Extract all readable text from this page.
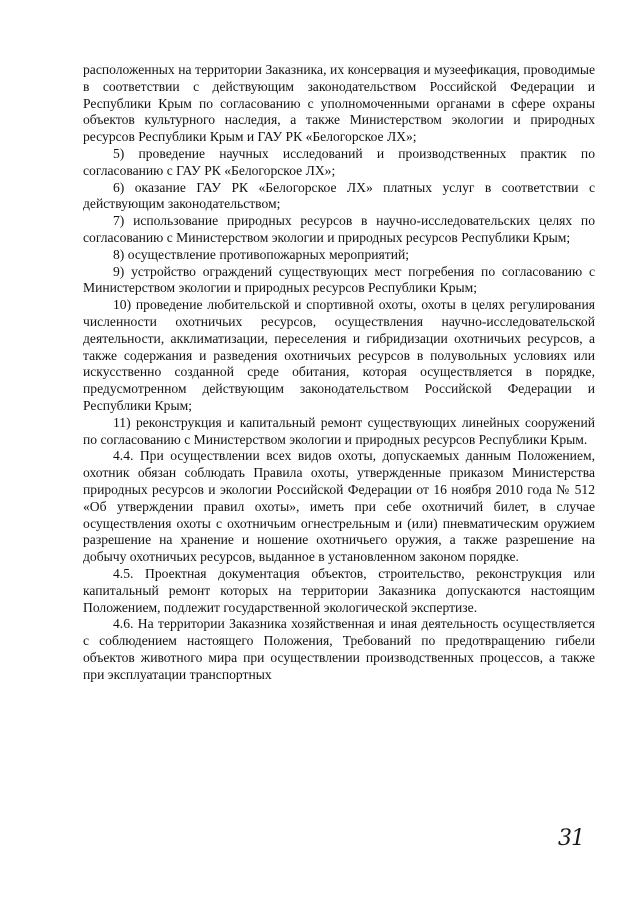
расположенных на территории Заказника, их консервация и музеефикация, проводимые в соответствии с действующим законодательством Российской Федерации и Республики Крым по согласованию с уполномоченными органами в сфере охраны объектов культурного наследия, а также Министерством экологии и природных ресурсов Республики Крым и ГАУ РК «Белогорское ЛХ»;

5) проведение научных исследований и производственных практик по согласованию с ГАУ РК «Белогорское ЛХ»;

6) оказание ГАУ РК «Белогорское ЛХ» платных услуг в соответствии с действующим законодательством;

7) использование природных ресурсов в научно-исследовательских целях по согласованию с Министерством экологии и природных ресурсов Республики Крым;

8) осуществление противопожарных мероприятий;

9) устройство ограждений существующих мест погребения по согласованию с Министерством экологии и природных ресурсов Республики Крым;

10) проведение любительской и спортивной охоты, охоты в целях регулирования численности охотничьих ресурсов, осуществления научно-исследовательской деятельности, акклиматизации, переселения и гибридизации охотничьих ресурсов, а также содержания и разведения охотничьих ресурсов в полувольных условиях или искусственно созданной среде обитания, которая осуществляется в порядке, предусмотренном действующим законодательством Российской Федерации и Республики Крым;

11) реконструкция и капитальный ремонт существующих линейных сооружений по согласованию с Министерством экологии и природных ресурсов Республики Крым.

4.4. При осуществлении всех видов охоты, допускаемых данным Положением, охотник обязан соблюдать Правила охоты, утвержденные приказом Министерства природных ресурсов и экологии Российской Федерации от 16 ноября 2010 года № 512 «Об утверждении правил охоты», иметь при себе охотничий билет, в случае осуществления охоты с охотничьим огнестрельным и (или) пневматическим оружием разрешение на хранение и ношение охотничьего оружия, а также разрешение на добычу охотничьих ресурсов, выданное в установленном законом порядке.

4.5. Проектная документация объектов, строительство, реконструкция или капитальный ремонт которых на территории Заказника допускаются настоящим Положением, подлежит государственной экологической экспертизе.

4.6. На территории Заказника хозяйственная и иная деятельность осуществляется с соблюдением настоящего Положения, Требований по предотвращению гибели объектов животного мира при осуществлении производственных процессов, а также при эксплуатации транспортных

31
